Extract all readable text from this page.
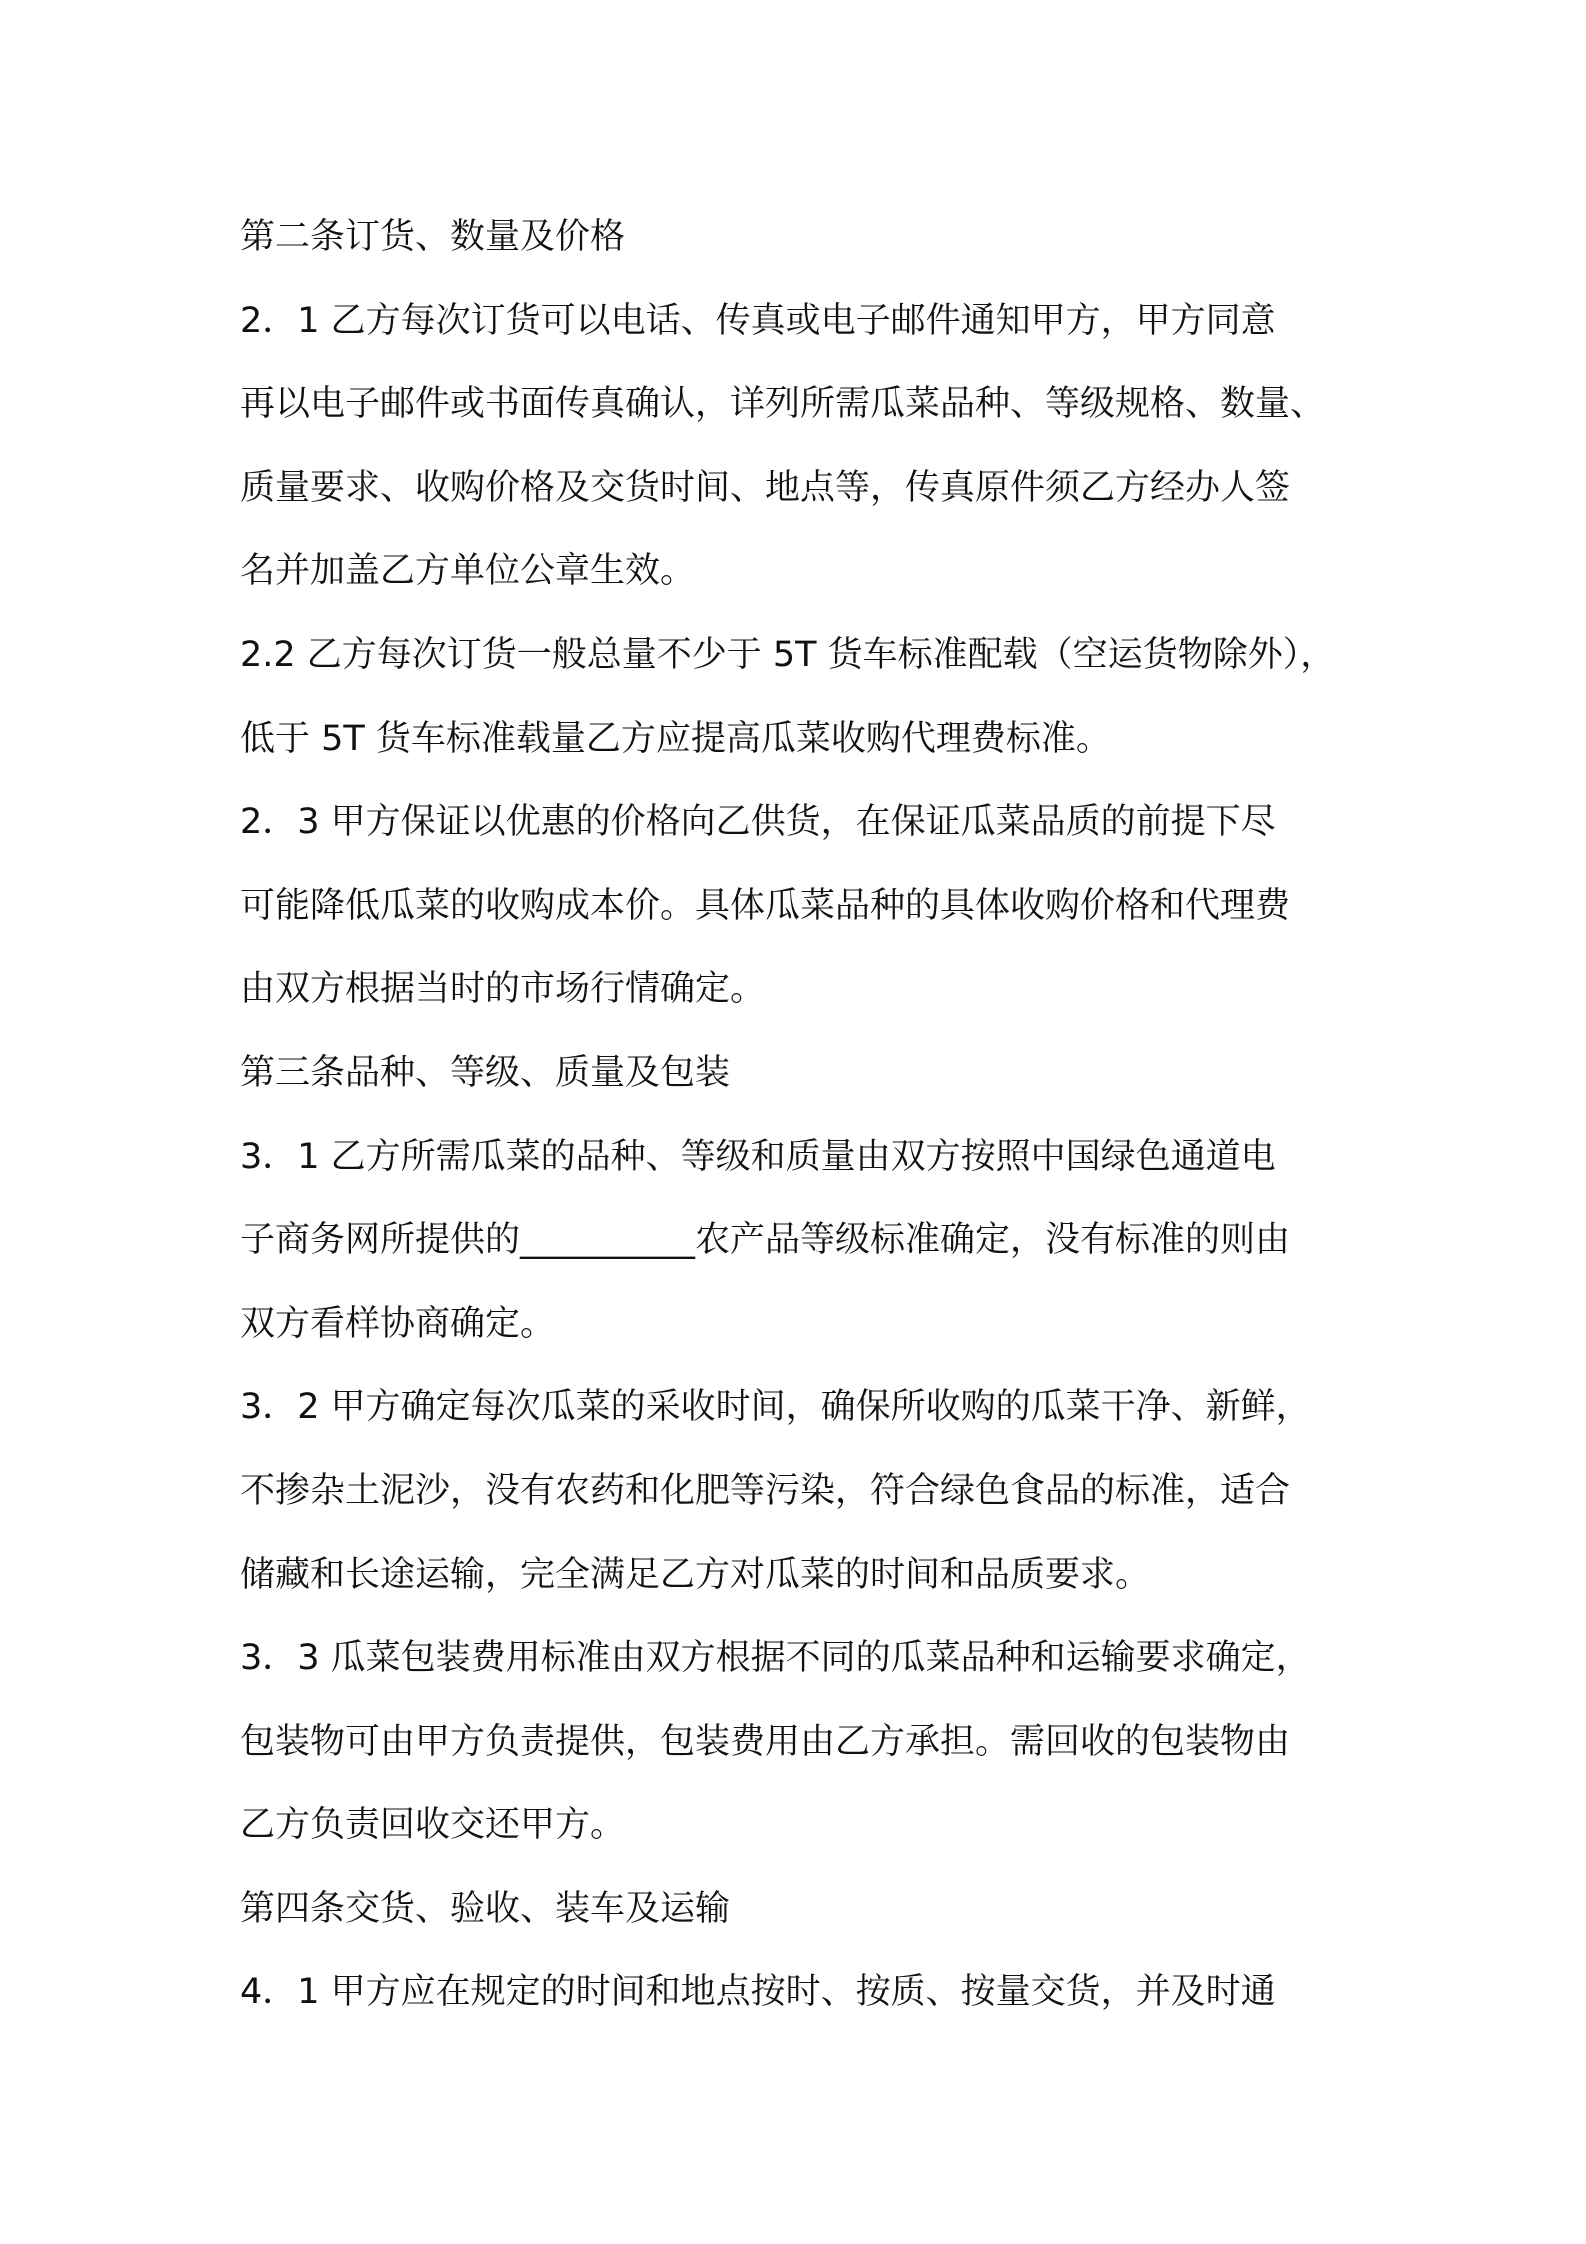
第二条订货、数量及价格
2．1 乙方每次订货可以电话、传真或电子邮件通知甲方，甲方同意
再以电子邮件或书面传真确认，详列所需瓜菜品种、等级规格、数量、
质量要求、收购价格及交货时间、地点等，传真原件须乙方经办人签
名并加盖乙方单位公章生效。
2.2 乙方每次订货一般总量不少于 5T 货车标准配载（空运货物除外），
低于 5T 货车标准载量乙方应提高瓜菜收购代理费标准。
2．3 甲方保证以优惠的价格向乙供货，在保证瓜菜品质的前提下尽
可能降低瓜菜的收购成本价。具体瓜菜品种的具体收购价格和代理费
由双方根据当时的市场行情确定。
第三条品种、等级、质量及包装
3．1 乙方所需瓜菜的品种、等级和质量由双方按照中国绿色通道电
子商务网所提供的__________农产品等级标准确定，没有标准的则由
双方看样协商确定。
3．2 甲方确定每次瓜菜的采收时间，确保所收购的瓜菜干净、新鲜，
不掺杂土泥沙，没有农药和化肥等污染，符合绿色食品的标准，适合
储藏和长途运输，完全满足乙方对瓜菜的时间和品质要求。
3．3 瓜菜包装费用标准由双方根据不同的瓜菜品种和运输要求确定，
包装物可由甲方负责提供，包装费用由乙方承担。需回收的包装物由
乙方负责回收交还甲方。
第四条交货、验收、装车及运输
4．1 甲方应在规定的时间和地点按时、按质、按量交货，并及时通
